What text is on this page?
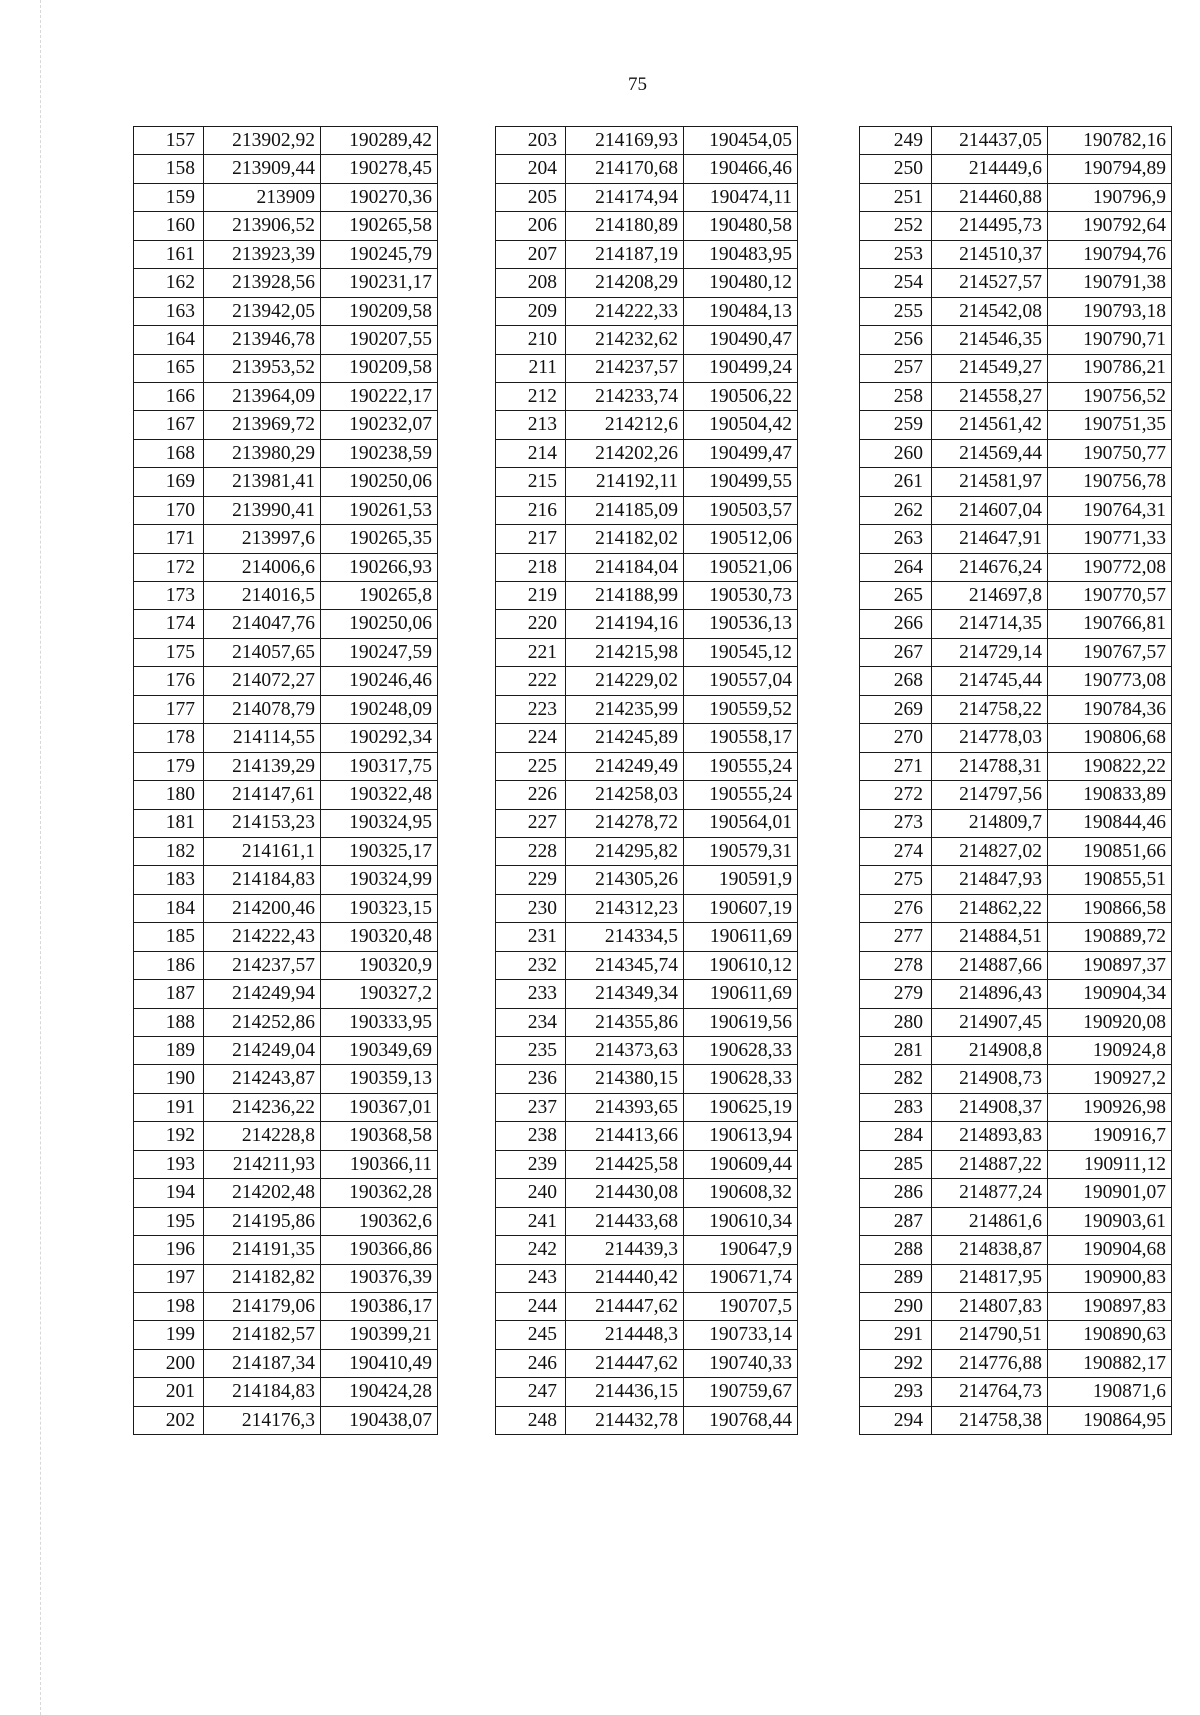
75
157	213902,92	190289,42
158	213909,44	190278,45
159	213909	190270,36
160	213906,52	190265,58
161	213923,39	190245,79
162	213928,56	190231,17
163	213942,05	190209,58
164	213946,78	190207,55
165	213953,52	190209,58
166	213964,09	190222,17
167	213969,72	190232,07
168	213980,29	190238,59
169	213981,41	190250,06
170	213990,41	190261,53
171	213997,6	190265,35
172	214006,6	190266,93
173	214016,5	190265,8
174	214047,76	190250,06
175	214057,65	190247,59
176	214072,27	190246,46
177	214078,79	190248,09
178	214114,55	190292,34
179	214139,29	190317,75
180	214147,61	190322,48
181	214153,23	190324,95
182	214161,1	190325,17
183	214184,83	190324,99
184	214200,46	190323,15
185	214222,43	190320,48
186	214237,57	190320,9
187	214249,94	190327,2
188	214252,86	190333,95
189	214249,04	190349,69
190	214243,87	190359,13
191	214236,22	190367,01
192	214228,8	190368,58
193	214211,93	190366,11
194	214202,48	190362,28
195	214195,86	190362,6
196	214191,35	190366,86
197	214182,82	190376,39
198	214179,06	190386,17
199	214182,57	190399,21
200	214187,34	190410,49
201	214184,83	190424,28
202	214176,3	190438,07
203	214169,93	190454,05
204	214170,68	190466,46
205	214174,94	190474,11
206	214180,89	190480,58
207	214187,19	190483,95
208	214208,29	190480,12
209	214222,33	190484,13
210	214232,62	190490,47
211	214237,57	190499,24
212	214233,74	190506,22
213	214212,6	190504,42
214	214202,26	190499,47
215	214192,11	190499,55
216	214185,09	190503,57
217	214182,02	190512,06
218	214184,04	190521,06
219	214188,99	190530,73
220	214194,16	190536,13
221	214215,98	190545,12
222	214229,02	190557,04
223	214235,99	190559,52
224	214245,89	190558,17
225	214249,49	190555,24
226	214258,03	190555,24
227	214278,72	190564,01
228	214295,82	190579,31
229	214305,26	190591,9
230	214312,23	190607,19
231	214334,5	190611,69
232	214345,74	190610,12
233	214349,34	190611,69
234	214355,86	190619,56
235	214373,63	190628,33
236	214380,15	190628,33
237	214393,65	190625,19
238	214413,66	190613,94
239	214425,58	190609,44
240	214430,08	190608,32
241	214433,68	190610,34
242	214439,3	190647,9
243	214440,42	190671,74
244	214447,62	190707,5
245	214448,3	190733,14
246	214447,62	190740,33
247	214436,15	190759,67
248	214432,78	190768,44
249	214437,05	190782,16
250	214449,6	190794,89
251	214460,88	190796,9
252	214495,73	190792,64
253	214510,37	190794,76
254	214527,57	190791,38
255	214542,08	190793,18
256	214546,35	190790,71
257	214549,27	190786,21
258	214558,27	190756,52
259	214561,42	190751,35
260	214569,44	190750,77
261	214581,97	190756,78
262	214607,04	190764,31
263	214647,91	190771,33
264	214676,24	190772,08
265	214697,8	190770,57
266	214714,35	190766,81
267	214729,14	190767,57
268	214745,44	190773,08
269	214758,22	190784,36
270	214778,03	190806,68
271	214788,31	190822,22
272	214797,56	190833,89
273	214809,7	190844,46
274	214827,02	190851,66
275	214847,93	190855,51
276	214862,22	190866,58
277	214884,51	190889,72
278	214887,66	190897,37
279	214896,43	190904,34
280	214907,45	190920,08
281	214908,8	190924,8
282	214908,73	190927,2
283	214908,37	190926,98
284	214893,83	190916,7
285	214887,22	190911,12
286	214877,24	190901,07
287	214861,6	190903,61
288	214838,87	190904,68
289	214817,95	190900,83
290	214807,83	190897,83
291	214790,51	190890,63
292	214776,88	190882,17
293	214764,73	190871,6
294	214758,38	190864,95
